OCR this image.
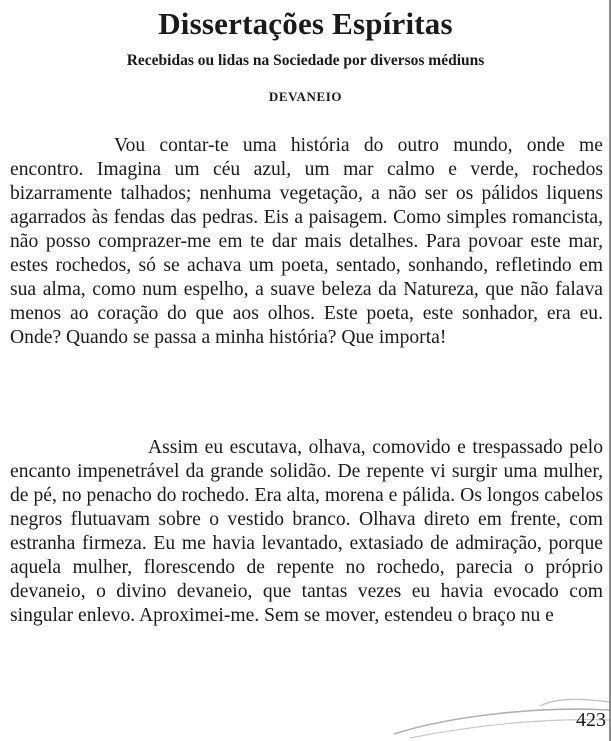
Dissertações Espíritas
Recebidas ou lidas na Sociedade por diversos médiuns
DEVANEIO

Vou contar-te uma história do outro mundo, onde me encontro. Imagina um céu azul, um mar calmo e verde, rochedos bizarramente talhados; nenhuma vegetação, a não ser os pálidos liquens agarrados às fendas das pedras. Eis a paisagem. Como simples romancista, não posso comprazer-me em te dar mais detalhes. Para povoar este mar, estes rochedos, só se achava um poeta, sentado, sonhando, refletindo em sua alma, como num espelho, a suave beleza da Natureza, que não falava menos ao coração do que aos olhos. Este poeta, este sonhador, era eu. Onde? Quando se passa a minha história? Que importa!

Assim eu escutava, olhava, comovido e trespassado pelo encanto impenetrável da grande solidão. De repente vi surgir uma mulher, de pé, no penacho do rochedo. Era alta, morena e pálida. Os longos cabelos negros flutuavam sobre o vestido branco. Olhava direto em frente, com estranha firmeza. Eu me havia levantado, extasiado de admiração, porque aquela mulher, florescendo de repente no rochedo, parecia o próprio devaneio, o divino devaneio, que tantas vezes eu havia evocado com singular enlevo. Aproximei-me. Sem se mover, estendeu o braço nu e

423
